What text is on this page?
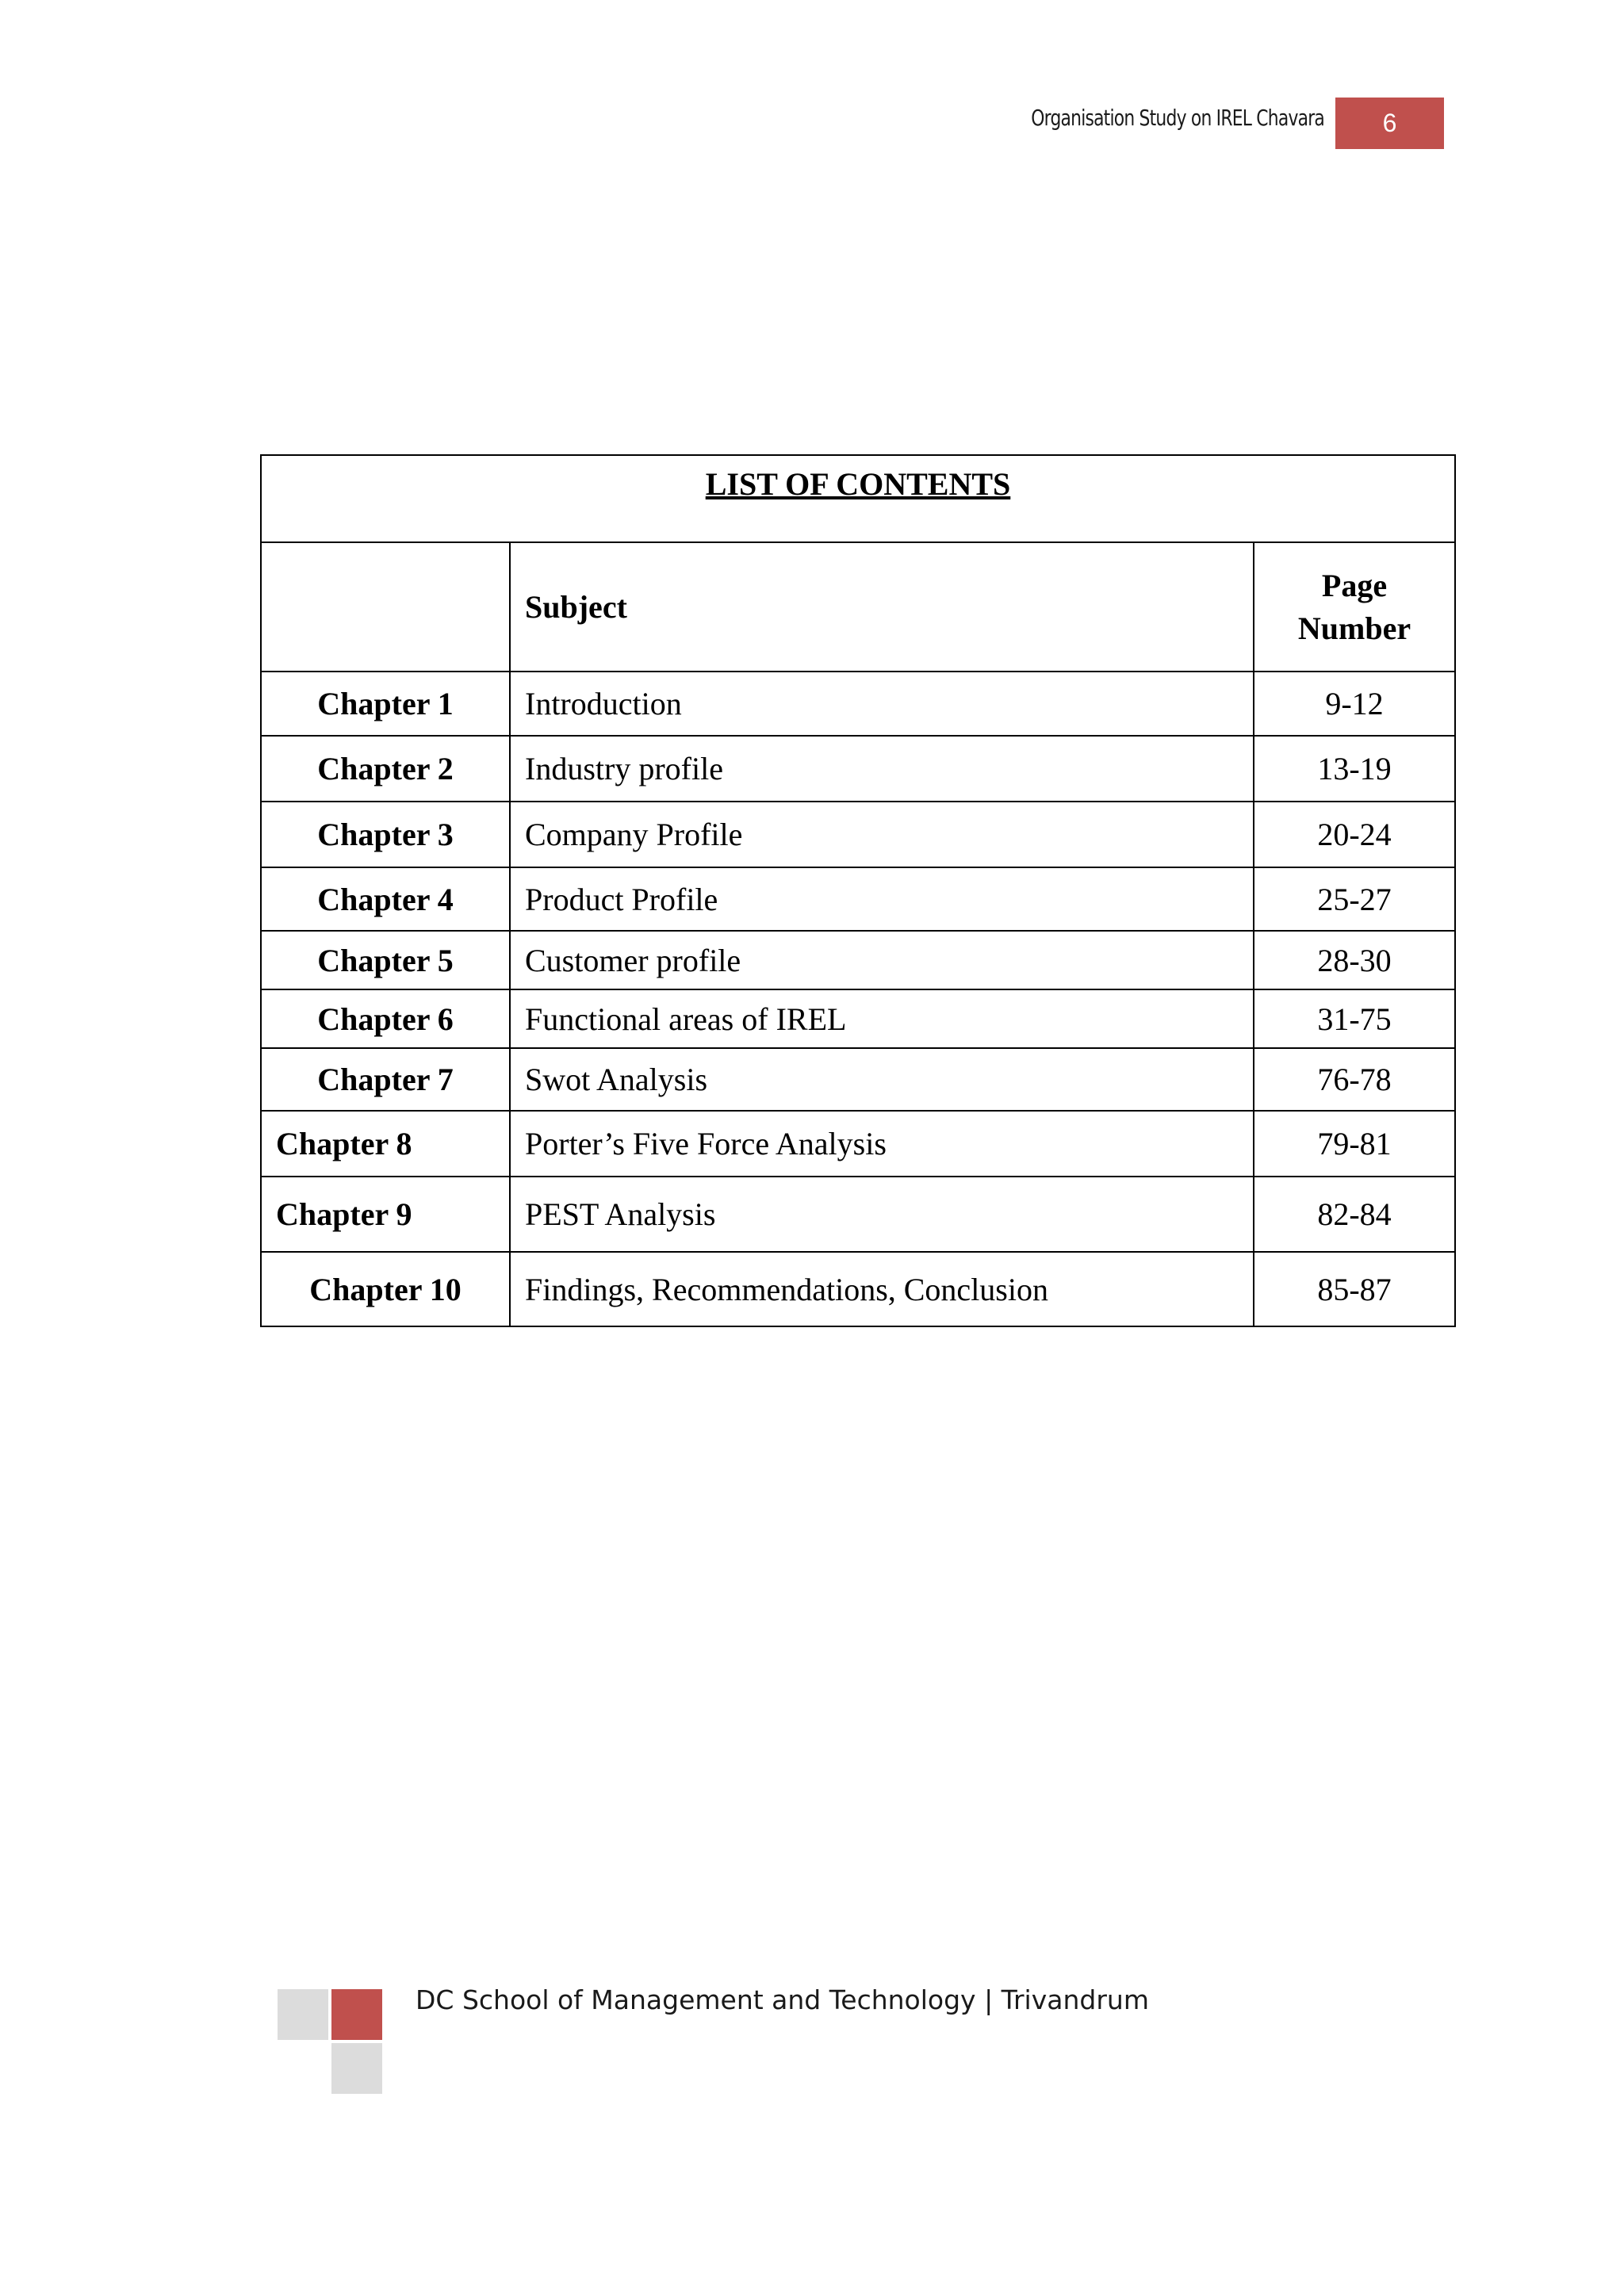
Organisation Study on IREL Chavara	6
LIST OF CONTENTS		
	Subject	Page
Number
Chapter 1	Introduction	9-12
Chapter 2	Industry profile	13-19
Chapter 3	Company Profile	20-24
Chapter 4	Product Profile	25-27
Chapter 5	Customer profile	28-30
Chapter 6	Functional areas of IREL	31-75
Chapter 7	Swot Analysis	76-78
Chapter 8	Porter’s Five Force Analysis	79-81
Chapter 9	PEST Analysis	82-84
Chapter 10	Findings, Recommendations, Conclusion	85-87
DC School of Management and Technology | Trivandrum
